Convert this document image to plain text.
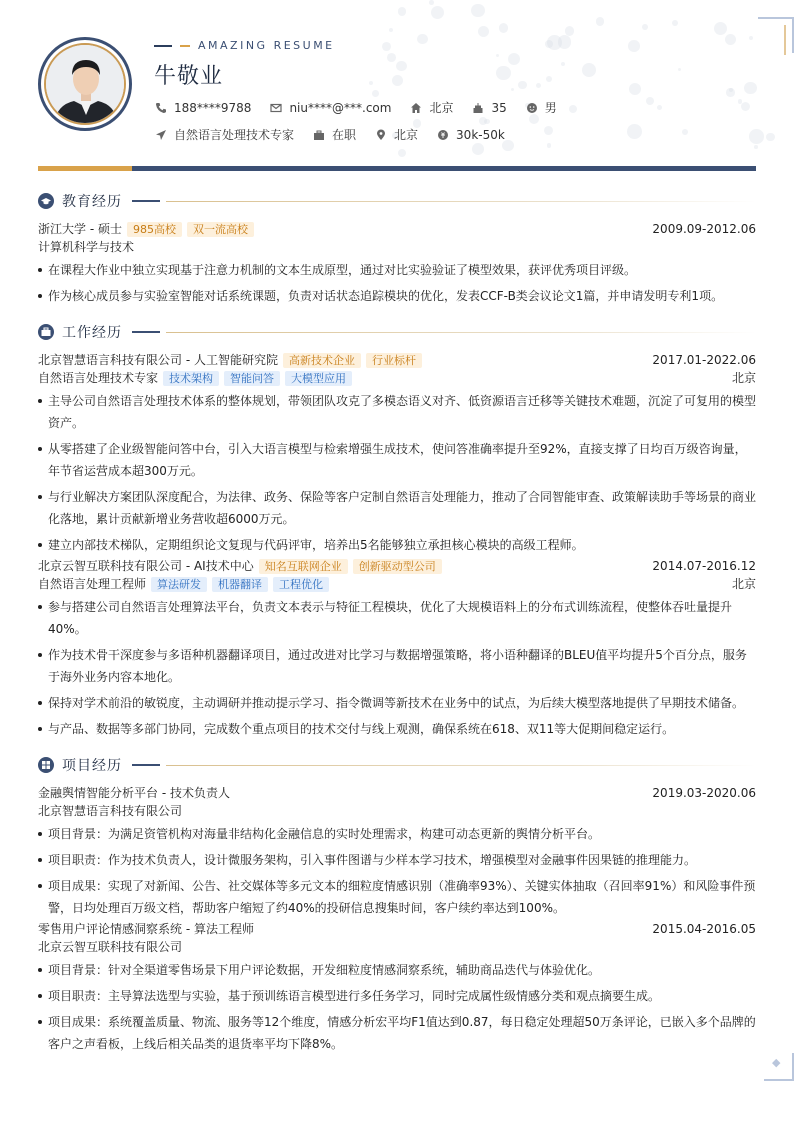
◆
AMAZING RESUME
牛敬业
188****9788	niu****@***.com	北京	35	男
自然语言处理技术专家	在职	北京	30k-50k
教育经历
浙江大学 - 硕士	985高校	双一流高校	2009.09-2012.06
计算机科学与技术
在课程大作业中独立实现基于注意力机制的文本生成原型，通过对比实验验证了模型效果，获评优秀项目评级。
作为核心成员参与实验室智能对话系统课题，负责对话状态追踪模块的优化，发表CCF-B类会议论文1篇，并申请发明专利1项。
工作经历
北京智慧语言科技有限公司 - 人工智能研究院	高新技术企业	行业标杆	2017.01-2022.06
自然语言处理技术专家	技术架构	智能问答	大模型应用	北京
主导公司自然语言处理技术体系的整体规划，带领团队攻克了多模态语义对齐、低资源语言迁移等关键技术难题，沉淀了可复用的模型资产。
从零搭建了企业级智能问答中台，引入大语言模型与检索增强生成技术，使问答准确率提升至92%，直接支撑了日均百万级咨询量，年节省运营成本超300万元。
与行业解决方案团队深度配合，为法律、政务、保险等客户定制自然语言处理能力，推动了合同智能审查、政策解读助手等场景的商业化落地，累计贡献新增业务营收超6000万元。
建立内部技术梯队，定期组织论文复现与代码评审，培养出5名能够独立承担核心模块的高级工程师。
北京云智互联科技有限公司 - AI技术中心	知名互联网企业	创新驱动型公司	2014.07-2016.12
自然语言处理工程师	算法研发	机器翻译	工程优化	北京
参与搭建公司自然语言处理算法平台，负责文本表示与特征工程模块，优化了大规模语料上的分布式训练流程，使整体吞吐量提升40%。
作为技术骨干深度参与多语种机器翻译项目，通过改进对比学习与数据增强策略，将小语种翻译的BLEU值平均提升5个百分点，服务于海外业务内容本地化。
保持对学术前沿的敏锐度，主动调研并推动提示学习、指令微调等新技术在业务中的试点，为后续大模型落地提供了早期技术储备。
与产品、数据等多部门协同，完成数个重点项目的技术交付与线上观测，确保系统在618、双11等大促期间稳定运行。
项目经历
金融舆情智能分析平台 - 技术负责人	2019.03-2020.06
北京智慧语言科技有限公司
项目背景：为满足资管机构对海量非结构化金融信息的实时处理需求，构建可动态更新的舆情分析平台。
项目职责：作为技术负责人，设计微服务架构，引入事件图谱与少样本学习技术，增强模型对金融事件因果链的推理能力。
项目成果：实现了对新闻、公告、社交媒体等多元文本的细粒度情感识别（准确率93%）、关键实体抽取（召回率91%）和风险事件预警，日均处理百万级文档，帮助客户缩短了约40%的投研信息搜集时间，客户续约率达到100%。
零售用户评论情感洞察系统 - 算法工程师	2015.04-2016.05
北京云智互联科技有限公司
项目背景：针对全渠道零售场景下用户评论数据，开发细粒度情感洞察系统，辅助商品迭代与体验优化。
项目职责：主导算法选型与实验，基于预训练语言模型进行多任务学习，同时完成属性级情感分类和观点摘要生成。
项目成果：系统覆盖质量、物流、服务等12个维度，情感分析宏平均F1值达到0.87，每日稳定处理超50万条评论，已嵌入多个品牌的客户之声看板，上线后相关品类的退货率平均下降8%。
